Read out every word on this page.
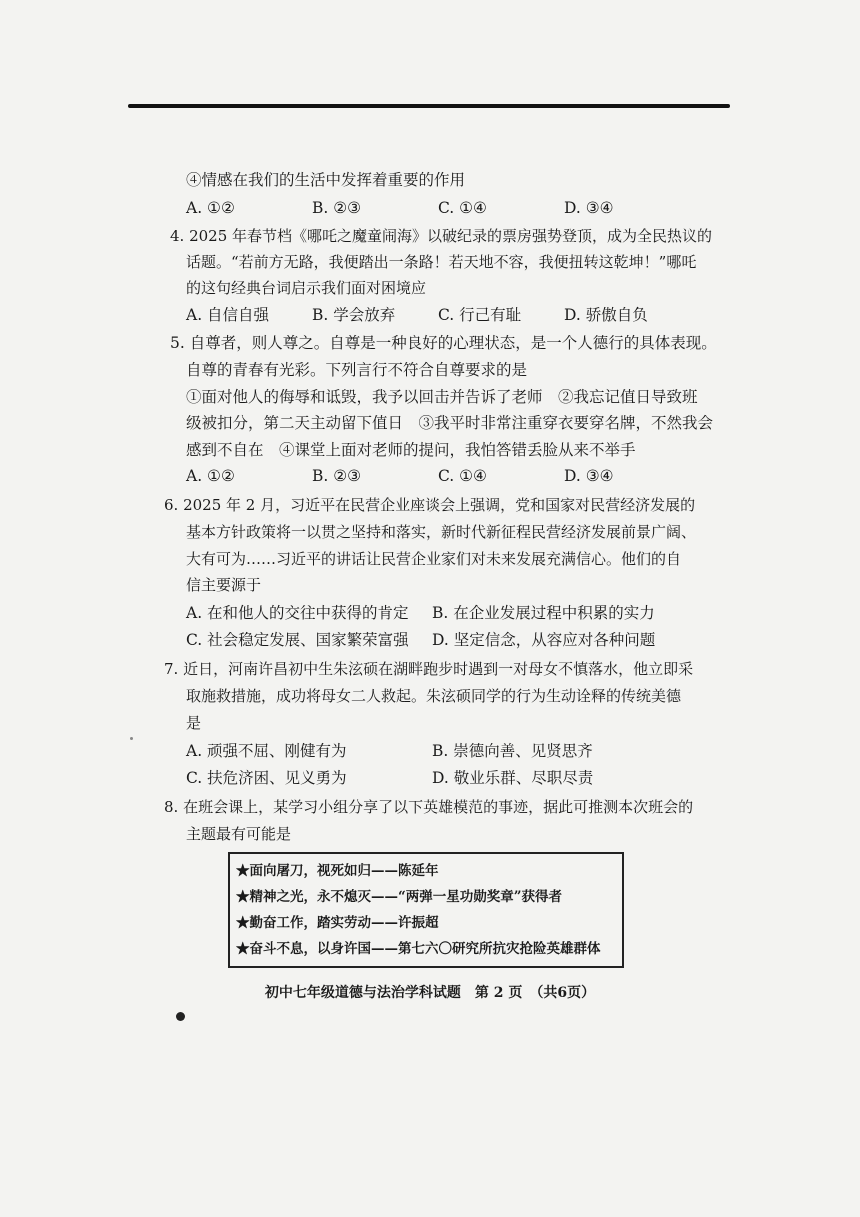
④情感在我们的生活中发挥着重要的作用
A. ①②	B. ②③	C. ①④	D. ③④
4. 2025 年春节档《哪吒之魔童闹海》以破纪录的票房强势登顶，成为全民热议的
话题。“若前方无路，我便踏出一条路！若天地不容，我便扭转这乾坤！”哪吒
的这句经典台词启示我们面对困境应
A. 自信自强	B. 学会放弃	C. 行己有耻	D. 骄傲自负
5. 自尊者，则人尊之。自尊是一种良好的心理状态，是一个人德行的具体表现。
自尊的青春有光彩。下列言行不符合自尊要求的是
①面对他人的侮辱和诋毁，我予以回击并告诉了老师　②我忘记值日导致班
级被扣分，第二天主动留下值日　③我平时非常注重穿衣要穿名牌，不然我会
感到不自在　④课堂上面对老师的提问，我怕答错丢脸从来不举手
A. ①②	B. ②③	C. ①④	D. ③④
6. 2025 年 2 月，习近平在民营企业座谈会上强调，党和国家对民营经济发展的
基本方针政策将一以贯之坚持和落实，新时代新征程民营经济发展前景广阔、
大有可为……习近平的讲话让民营企业家们对未来发展充满信心。他们的自
信主要源于
A. 在和他人的交往中获得的肯定 B. 在企业发展过程中积累的实力
C. 社会稳定发展、国家繁荣富强 D. 坚定信念，从容应对各种问题
7. 近日，河南许昌初中生朱泫硕在湖畔跑步时遇到一对母女不慎落水，他立即采
取施救措施，成功将母女二人救起。朱泫硕同学的行为生动诠释的传统美德
是
A. 顽强不屈、刚健有为	B. 崇德向善、见贤思齐
C. 扶危济困、见义勇为	D. 敬业乐群、尽职尽责
8. 在班会课上，某学习小组分享了以下英雄模范的事迹，据此可推测本次班会的
主题最有可能是
★面向屠刀，视死如归——陈延年
★精神之光，永不熄灭——“两弹一星功勋奖章”获得者
★勤奋工作，踏实劳动——许振超
★奋斗不息，以身许国——第七六〇研究所抗灾抢险英雄群体
初中七年级道德与法治学科试题　第 2 页　（共6页）
